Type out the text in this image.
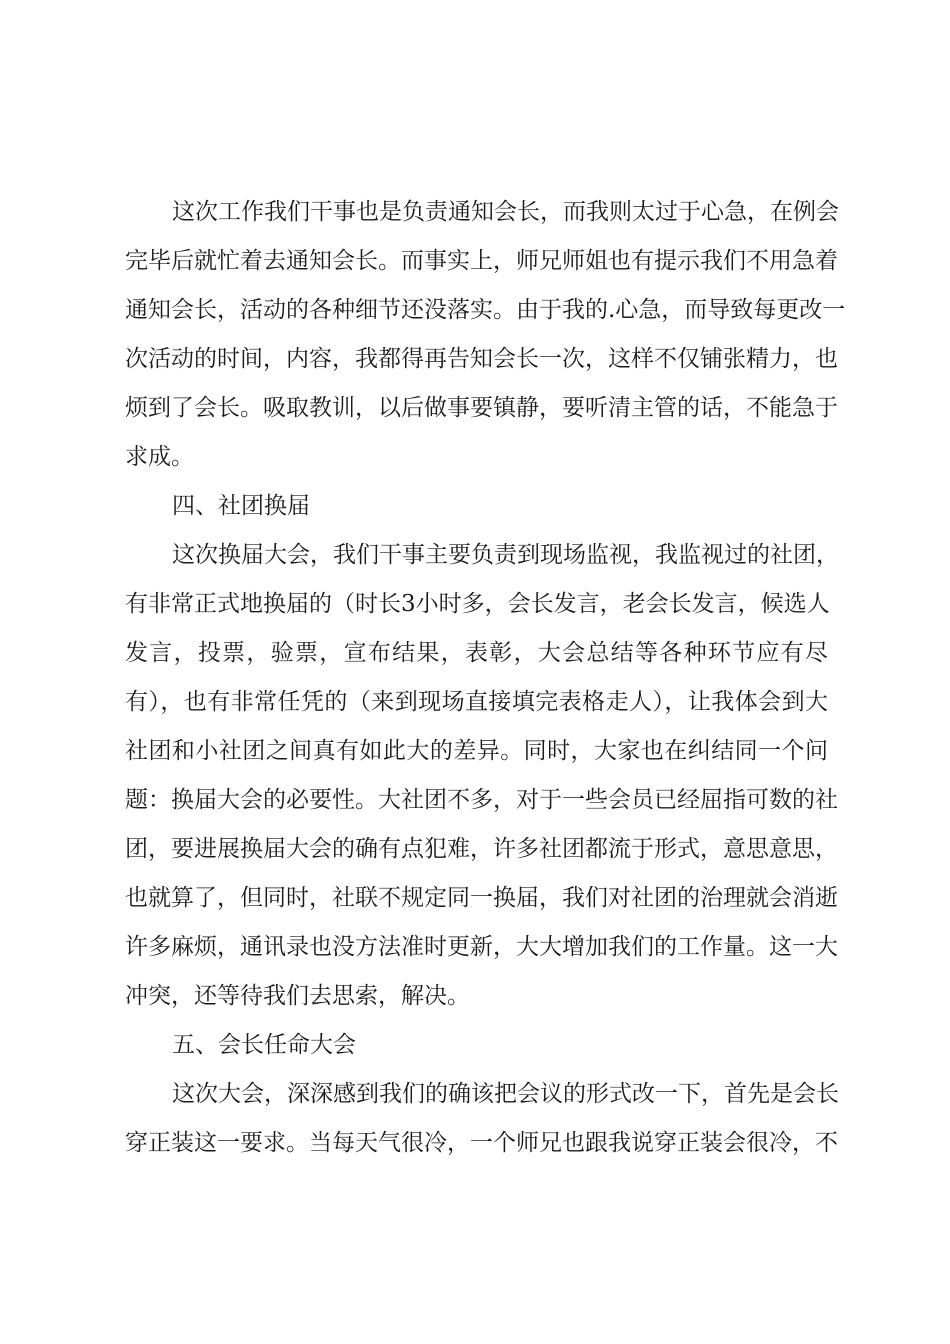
这次工作我们干事也是负责通知会长，而我则太过于心急，在例会
完毕后就忙着去通知会长。而事实上，师兄师姐也有提示我们不用急着
通知会长，活动的各种细节还没落实。由于我的.心急，而导致每更改一
次活动的时间，内容，我都得再告知会长一次，这样不仅铺张精力，也
烦到了会长。吸取教训，以后做事要镇静，要听清主管的话，不能急于
求成。
四、社团换届
这次换届大会，我们干事主要负责到现场监视，我监视过的社团，
有非常正式地换届的（时长3小时多，会长发言，老会长发言，候选人
发言，投票，验票，宣布结果，表彰，大会总结等各种环节应有尽
有），也有非常任凭的（来到现场直接填完表格走人），让我体会到大
社团和小社团之间真有如此大的差异。同时，大家也在纠结同一个问
题：换届大会的必要性。大社团不多，对于一些会员已经屈指可数的社
团，要进展换届大会的确有点犯难，许多社团都流于形式，意思意思，
也就算了，但同时，社联不规定同一换届，我们对社团的治理就会消逝
许多麻烦，通讯录也没方法准时更新，大大增加我们的工作量。这一大
冲突，还等待我们去思索，解决。
五、会长任命大会
这次大会，深深感到我们的确该把会议的形式改一下，首先是会长
穿正装这一要求。当每天气很冷，一个师兄也跟我说穿正装会很冷，不
